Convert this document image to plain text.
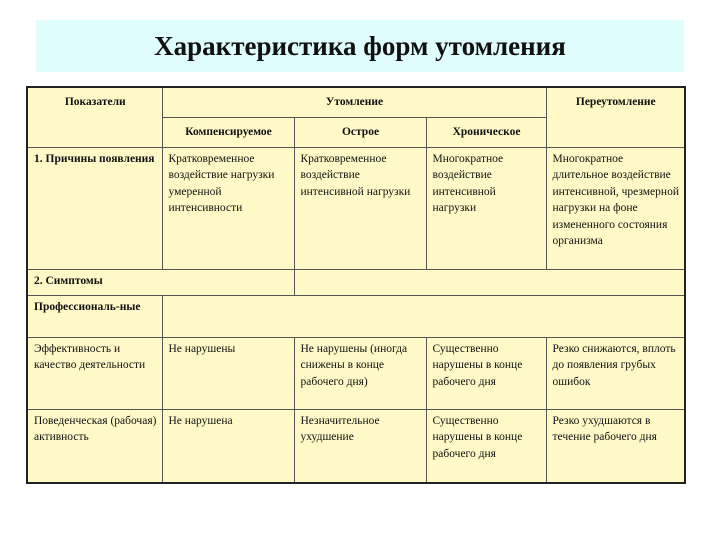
Характеристика форм утомления
Показатели	Утомление			Переутомление
	Компенсируемое	Острое	Хроническое	
1. Причины появления	Кратковременное воздействие нагрузки умеренной интенсивности	Кратковременное воздействие интенсивной нагрузки	Многократное воздействие интенсивной нагрузки	Многократное длительное воздействие интенсивной, чрезмерной нагрузки на фоне измененного состояния организма
2. Симптомы				
Профессиональ-ные				
Эффективность и качество деятельности	Не нарушены	Не нарушены (иногда снижены в конце рабочего дня)	Существенно нарушены в конце рабочего дня	Резко снижаются, вплоть до появления грубых ошибок
Поведенческая (рабочая) активность	Не нарушена	Незначительное ухудшение	Существенно нарушены в конце рабочего дня	Резко ухудшаются в течение рабочего дня
